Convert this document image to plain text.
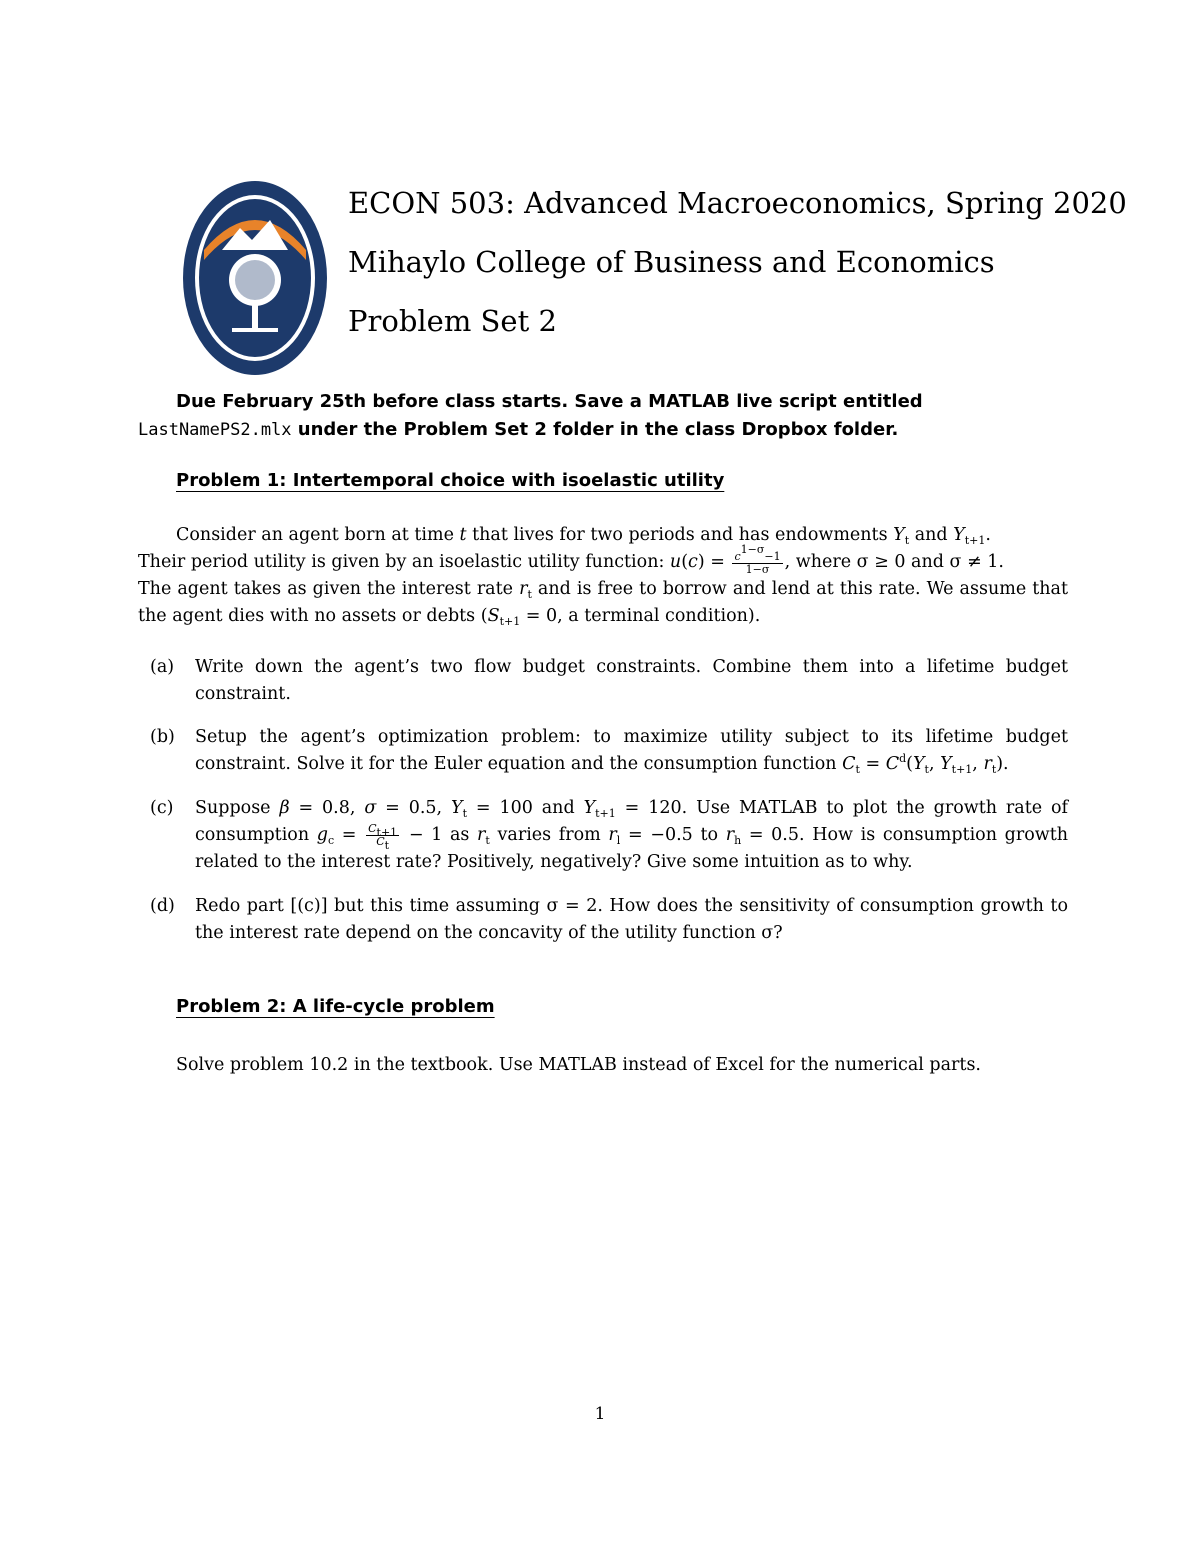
ECON 503: Advanced Macroeconomics, Spring 2020
Mihaylo College of Business and Economics
Problem Set 2
Due February 25th before class starts. Save a MATLAB live script entitled
LastNamePS2.mlx under the Problem Set 2 folder in the class Dropbox folder.
Problem 1: Intertemporal choice with isoelastic utility
Consider an agent born at time t that lives for two periods and has endowments $Y_t$ and $Y_{t+1}$.
Their period utility is given by an isoelastic utility function: $u(c) = \frac{c^{1-\sigma}-1}{1-\sigma}$ , where σ ≥ 0 and σ ≠ 1.
The agent takes as given the interest rate $r_t$ and is free to borrow and lend at this rate. We assume that the agent dies with no assets or debts ($S_{t+1} = 0$, a terminal condition).
(a) Write down the agent’s two flow budget constraints. Combine them into a lifetime budget constraint.
(b) Setup the agent’s optimization problem: to maximize utility subject to its lifetime budget constraint. Solve it for the Euler equation and the consumption function $C_t = C^d(Y_t$, $Y_{t+1}$, $r_t$).
(c) Suppose β = 0.8, σ = 0.5, $Y_t = 100$ and $Y_{t+1} = 120$. Use MATLAB to plot the growth rate of consumption $g_c = \frac{C_{t+1}}{C_t} - 1$ as $r_t$ varies from $r_l = -0.5$ to $r_h = 0.5$. How is consumption growth related to the interest rate? Positively, negatively? Give some intuition as to why.
(d) Redo part [(c)] but this time assuming σ = 2. How does the sensitivity of consumption growth to the interest rate depend on the concavity of the utility function σ?
Problem 2: A life-cycle problem
Solve problem 10.2 in the textbook. Use MATLAB instead of Excel for the numerical parts.
1
